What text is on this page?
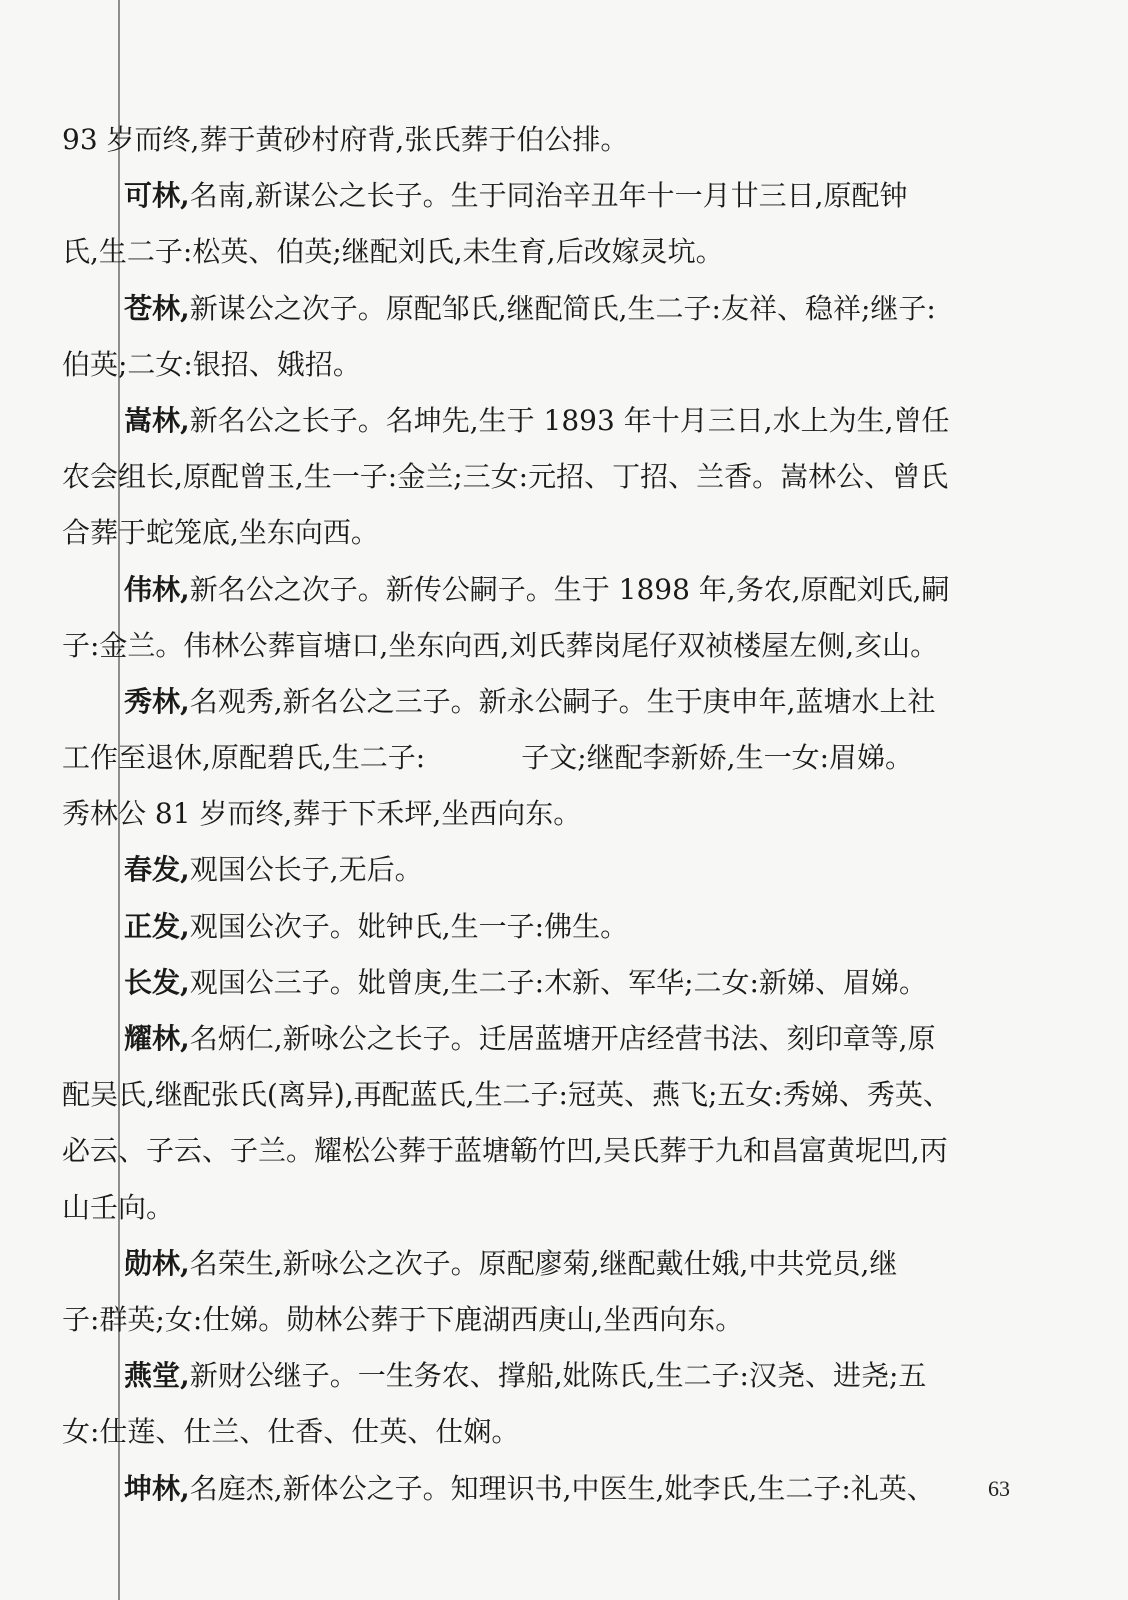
93 岁而终,葬于黄砂村府背,张氏葬于伯公排。
可林,名南,新谋公之长子。生于同治辛丑年十一月廿三日,原配钟
氏,生二子:松英、伯英;继配刘氏,未生育,后改嫁灵坑。
苍林,新谋公之次子。原配邹氏,继配简氏,生二子:友祥、稳祥;继子:
伯英;二女:银招、娥招。
嵩林,新名公之长子。名坤先,生于 1893 年十月三日,水上为生,曾任
农会组长,原配曾玉,生一子:金兰;三女:元招、丁招、兰香。嵩林公、曾氏
合葬于蛇笼底,坐东向西。
伟林,新名公之次子。新传公嗣子。生于 1898 年,务农,原配刘氏,嗣
子:金兰。伟林公葬盲塘口,坐东向西,刘氏葬岗尾仔双祯楼屋左侧,亥山。
秀林,名观秀,新名公之三子。新永公嗣子。生于庚申年,蓝塘水上社
工作至退休,原配碧氏,生二子:	子文;继配李新娇,生一女:眉娣。
秀林公 81 岁而终,葬于下禾坪,坐西向东。
春发,观国公长子,无后。
正发,观国公次子。妣钟氏,生一子:佛生。
长发,观国公三子。妣曾庚,生二子:木新、军华;二女:新娣、眉娣。
耀林,名炳仁,新咏公之长子。迁居蓝塘开店经营书法、刻印章等,原
配吴氏,继配张氏(离异),再配蓝氏,生二子:冠英、燕飞;五女:秀娣、秀英、
必云、子云、子兰。耀松公葬于蓝塘簕竹凹,吴氏葬于九和昌富黄坭凹,丙
山壬向。
勋林,名荣生,新咏公之次子。原配廖菊,继配戴仕娥,中共党员,继
子:群英;女:仕娣。勋林公葬于下鹿湖西庚山,坐西向东。
燕堂,新财公继子。一生务农、撑船,妣陈氏,生二子:汉尧、进尧;五
女:仕莲、仕兰、仕香、仕英、仕娴。
坤林,名庭杰,新体公之子。知理识书,中医生,妣李氏,生二子:礼英、	63
